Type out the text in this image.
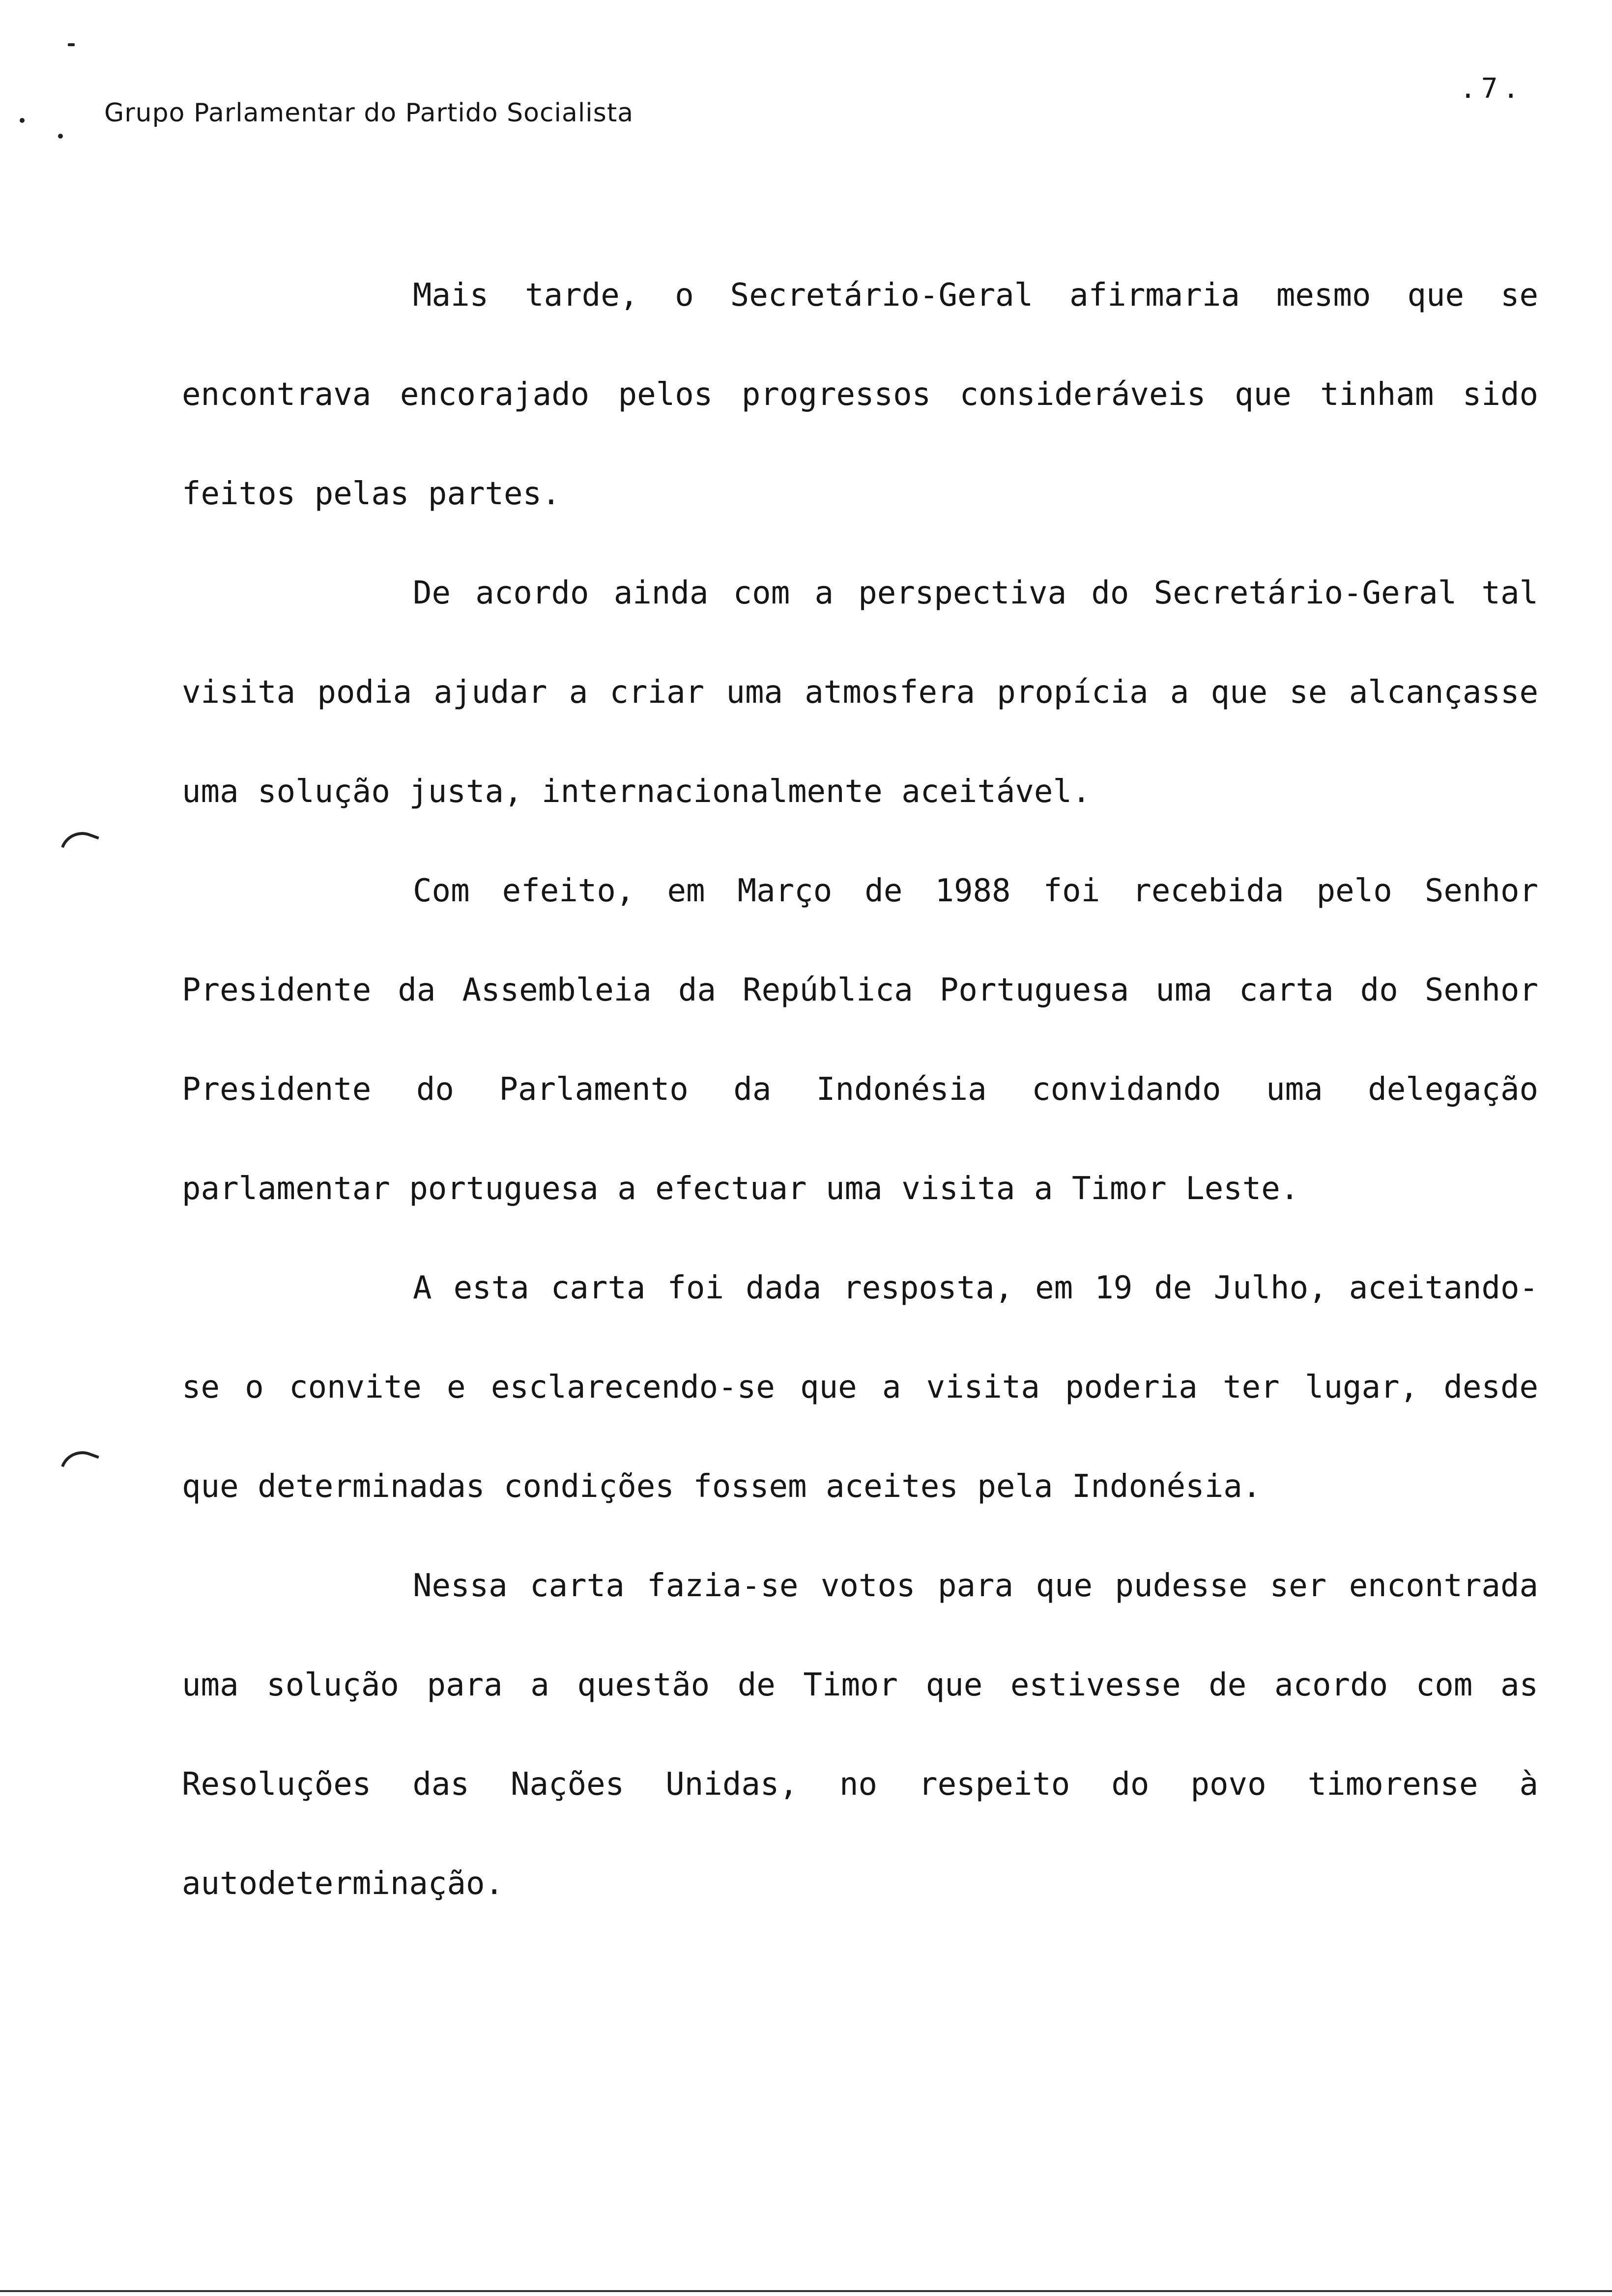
Grupo Parlamentar do Partido Socialista
.7.

Mais tarde, o Secretário-Geral afirmaria mesmo que se encontrava encorajado pelos progressos consideráveis que tinham sido feitos pelas partes.

De acordo ainda com a perspectiva do Secretário-Geral tal visita podia ajudar a criar uma atmosfera propícia a que se alcançasse uma solução justa, internacionalmente aceitável.

Com efeito, em Março de 1988 foi recebida pelo Senhor Presidente da Assembleia da República Portuguesa uma carta do Senhor Presidente do Parlamento da Indonésia convidando uma delegação parlamentar portuguesa a efectuar uma visita a Timor Leste.

A esta carta foi dada resposta, em 19 de Julho, aceitando-se o convite e esclarecendo-se que a visita poderia ter lugar, desde que determinadas condições fossem aceites pela Indonésia.

Nessa carta fazia-se votos para que pudesse ser encontrada uma solução para a questão de Timor que estivesse de acordo com as Resoluções das Nações Unidas, no respeito do povo timorense à autodeterminação.
